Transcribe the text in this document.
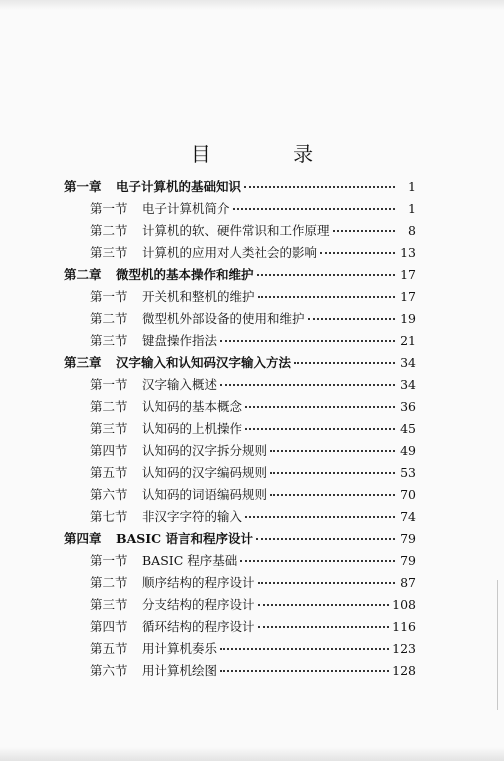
目 录
第一章	电子计算机的基础知识	1
第一节	电子计算机简介	1
第二节	计算机的软、硬件常识和工作原理	8
第三节	计算机的应用对人类社会的影响	13
第二章	微型机的基本操作和维护	17
第一节	开关机和整机的维护	17
第二节	微型机外部设备的使用和维护	19
第三节	键盘操作指法	21
第三章	汉字输入和认知码汉字输入方法	34
第一节	汉字输入概述	34
第二节	认知码的基本概念	36
第三节	认知码的上机操作	45
第四节	认知码的汉字拆分规则	49
第五节	认知码的汉字编码规则	53
第六节	认知码的词语编码规则	70
第七节	非汉字字符的输入	74
第四章	BASIC 语言和程序设计	79
第一节	BASIC 程序基础	79
第二节	顺序结构的程序设计	87
第三节	分支结构的程序设计	108
第四节	循环结构的程序设计	116
第五节	用计算机奏乐	123
第六节	用计算机绘图	128
